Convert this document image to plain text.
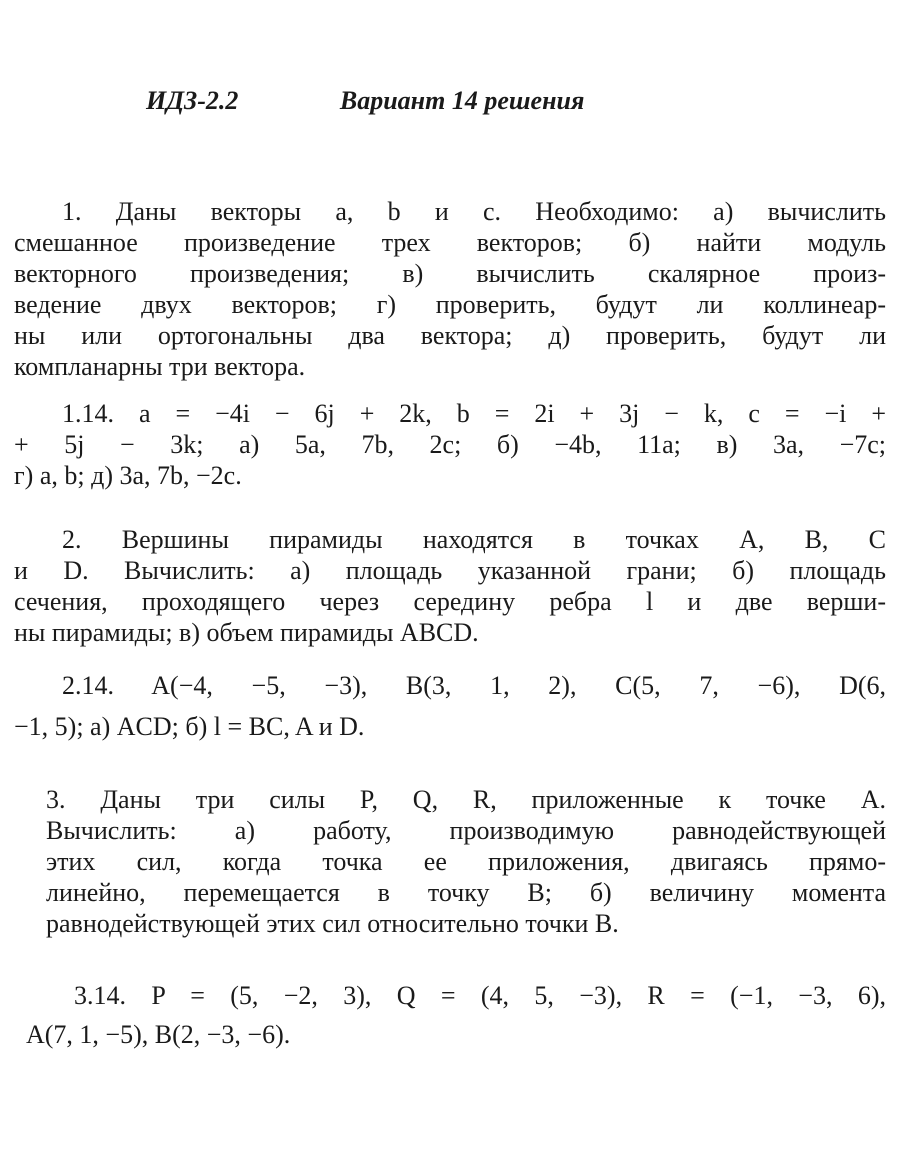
ИДЗ-2.2	Вариант 14 решения
1. Даны векторы a, b и c. Необходимо: а) вычислить
смешанное произведение трех векторов; б) найти модуль
векторного произведения; в) вычислить скалярное произ-
ведение двух векторов; г) проверить, будут ли коллинеар-
ны или ортогональны два вектора; д) проверить, будут ли
компланарны три вектора.
1.14. a = −4i − 6j + 2k, b = 2i + 3j − k, c = −i +
+ 5j − 3k; а) 5a, 7b, 2c; б) −4b, 11a; в) 3a, −7c;
г) a, b; д) 3a, 7b, −2c.
2. Вершины пирамиды находятся в точках A, B, C
и D. Вычислить: а) площадь указанной грани; б) площадь
сечения, проходящего через середину ребра l и две верши-
ны пирамиды; в) объем пирамиды ABCD.
2.14. A(−4, −5, −3), B(3, 1, 2), C(5, 7, −6), D(6,
−1, 5); а) ACD; б) l = BC, A и D.
3. Даны три силы P, Q, R, приложенные к точке A.
Вычислить: а) работу, производимую равнодействующей
этих сил, когда точка ее приложения, двигаясь прямо-
линейно, перемещается в точку B; б) величину момента
равнодействующей этих сил относительно точки B.
3.14. P = (5, −2, 3), Q = (4, 5, −3), R = (−1, −3, 6),
A(7, 1, −5), B(2, −3, −6).
